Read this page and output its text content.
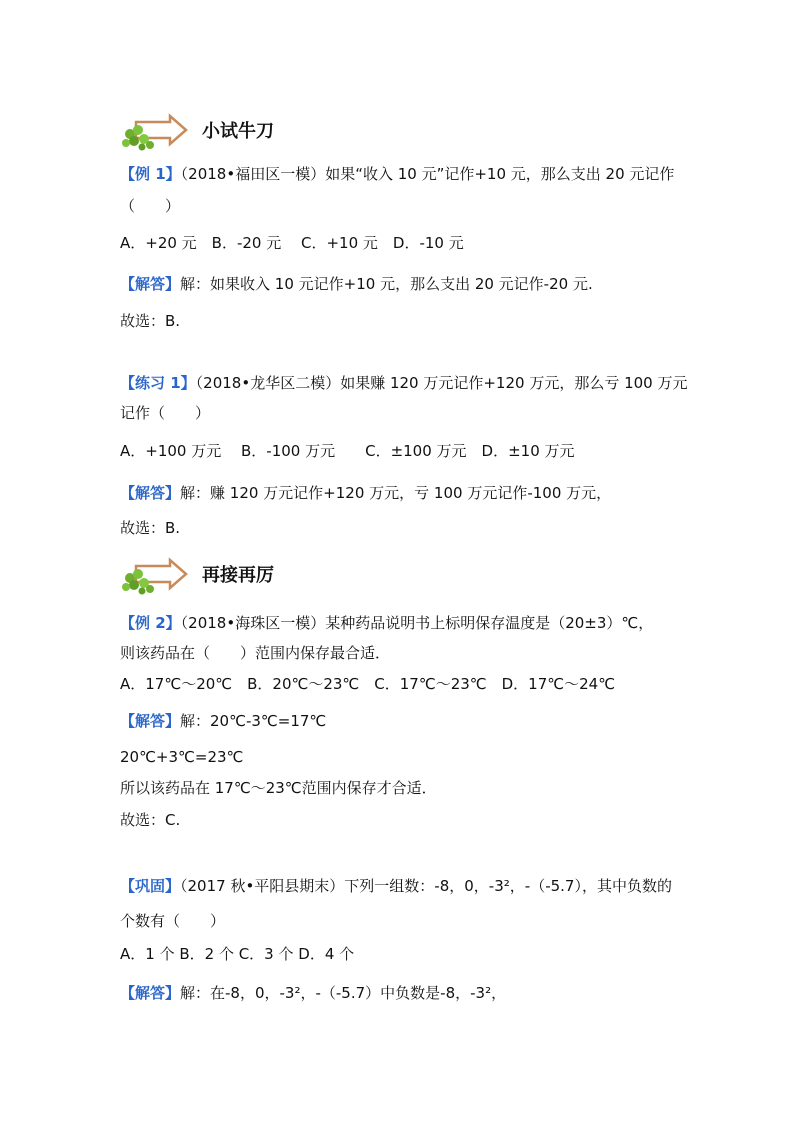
小试牛刀

【例 1】（2018•福田区一模）如果“收入 10 元”记作+10 元，那么支出 20 元记作

（　　）

A．+20 元　B．-20 元　 C．+10 元　D．-10 元

【解答】解：如果收入 10 元记作+10 元，那么支出 20 元记作-20 元.

故选：B.

【练习 1】（2018•龙华区二模）如果赚 120 万元记作+120 万元，那么亏 100 万元

记作（　　）

A．+100 万元　 B．-100 万元　　C．±100 万元　D．±10 万元

【解答】解：赚 120 万元记作+120 万元，亏 100 万元记作-100 万元，

故选：B.

再接再厉

【例 2】（2018•海珠区一模）某种药品说明书上标明保存温度是（20±3）℃，

则该药品在（　　）范围内保存最合适．

A．17℃～20℃　B．20℃～23℃　C．17℃～23℃　D．17℃～24℃

【解答】解：20℃-3℃=17℃

20℃+3℃=23℃

所以该药品在 17℃～23℃范围内保存才合适．

故选：C.

【巩固】（2017 秋•平阳县期末）下列一组数：-8，0，-3²，-（-5.7），其中负数的

个数有（　　）

A．1 个 B．2 个 C．3 个 D．4 个

【解答】解：在-8，0，-3²，-（-5.7）中负数是-8，-3²，
